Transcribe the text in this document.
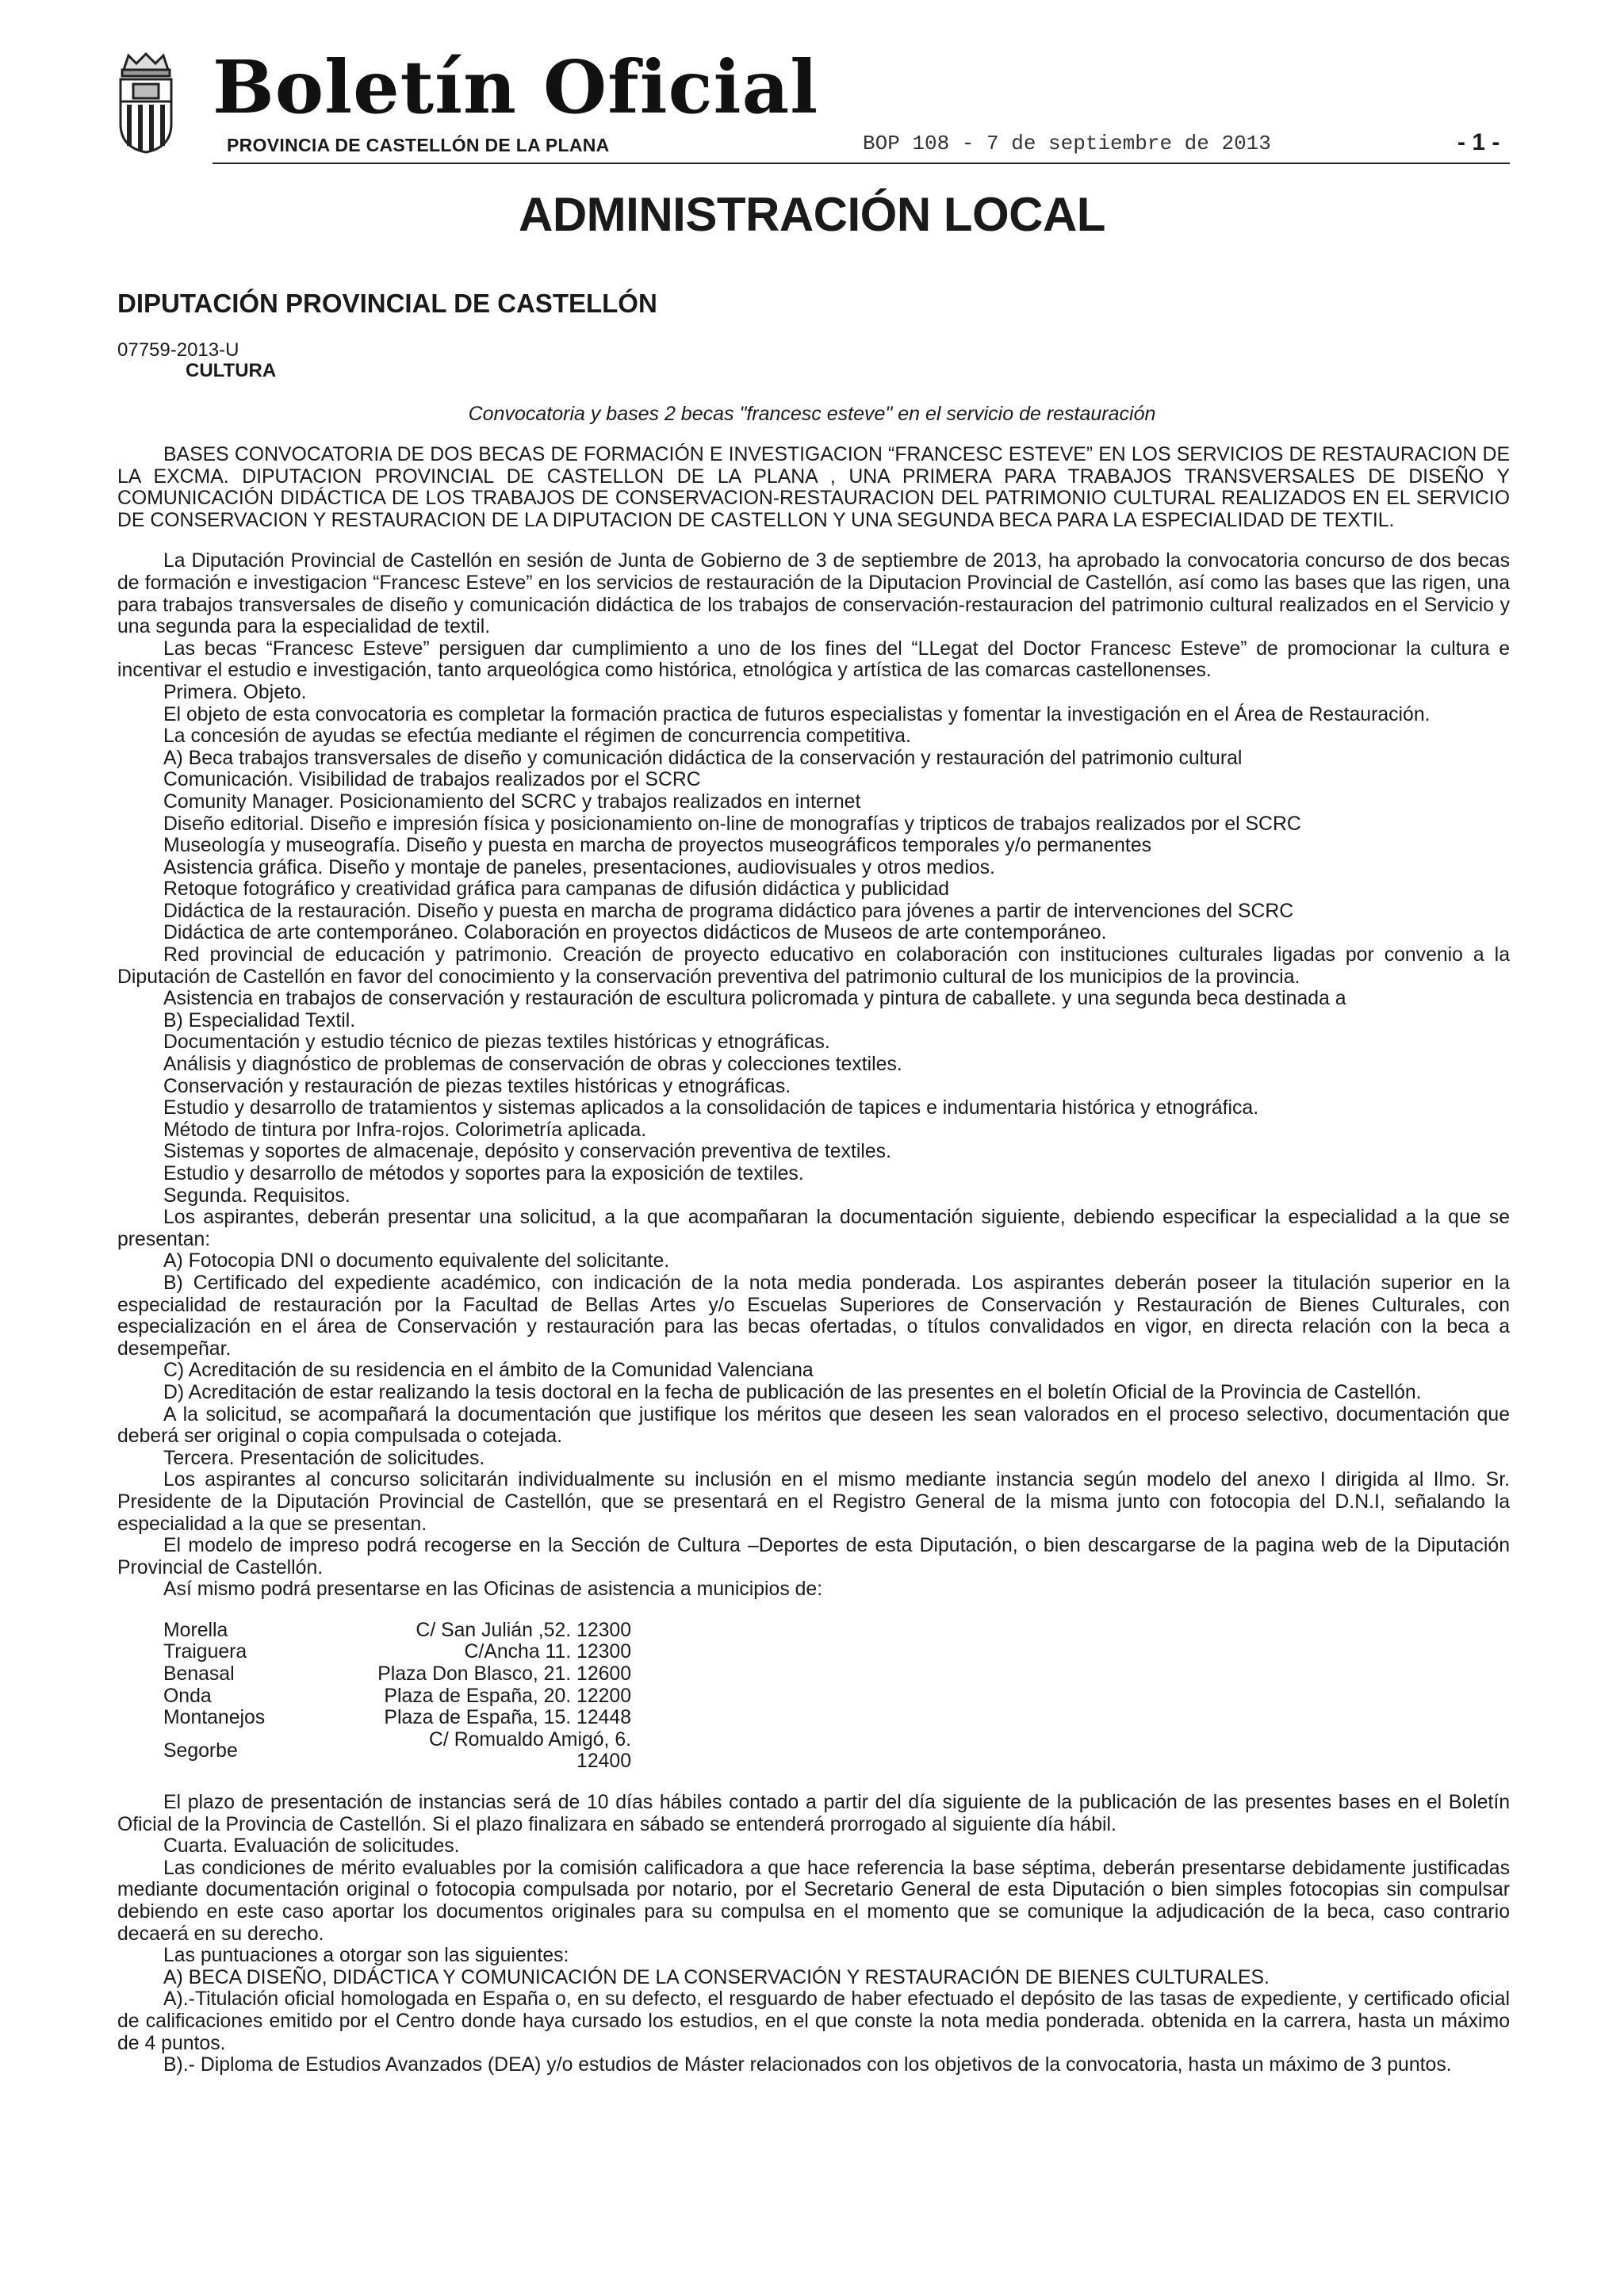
Boletín Oficial
PROVINCIA DE CASTELLÓN DE LA PLANA	BOP 108 - 7 de septiembre de 2013	- 1 -
ADMINISTRACIÓN LOCAL
DIPUTACIÓN PROVINCIAL DE CASTELLÓN
07759-2013-U
CULTURA
Convocatoria y bases 2 becas "francesc esteve" en el servicio de restauración

BASES CONVOCATORIA DE DOS BECAS DE FORMACIÓN E INVESTIGACION “FRANCESC ESTEVE” EN LOS SERVICIOS DE RESTAURACION DE LA EXCMA. DIPUTACION PROVINCIAL DE CASTELLON DE LA PLANA , UNA PRIMERA PARA TRABAJOS TRANSVERSALES DE DISEÑO Y COMUNICACIÓN DIDÁCTICA DE LOS TRABAJOS DE CONSERVACION-RESTAURACION DEL PATRIMONIO CULTURAL REALIZADOS EN EL SERVICIO DE CONSERVACION Y RESTAURACION DE LA DIPUTACION DE CASTELLON Y UNA SEGUNDA BECA PARA LA ESPECIALIDAD DE TEXTIL.

La Diputación Provincial de Castellón en sesión de Junta de Gobierno de 3 de septiembre de 2013, ha aprobado la convocatoria concurso de dos becas de formación e investigacion “Francesc Esteve” en los servicios de restauración de la Diputacion Provincial de Castellón, así como las bases que las rigen, una para trabajos transversales de diseño y comunicación didáctica de los trabajos de conservación-restauracion del patrimonio cultural realizados en el Servicio y una segunda para la especialidad de textil.

Las becas “Francesc Esteve” persiguen dar cumplimiento a uno de los fines del “LLegat del Doctor Francesc Esteve” de promocionar la cultura e incentivar el estudio e investigación, tanto arqueológica como histórica, etnológica y artística de las comarcas castellonenses.

Primera. Objeto.

El objeto de esta convocatoria es completar la formación practica de futuros especialistas y fomentar la investigación en el Área de Restauración.

La concesión de ayudas se efectúa mediante el régimen de concurrencia competitiva.

A) Beca trabajos transversales de diseño y comunicación didáctica de la conservación y restauración del patrimonio cultural

Comunicación. Visibilidad de trabajos realizados por el SCRC

Comunity Manager. Posicionamiento del SCRC y trabajos realizados en internet

Diseño editorial. Diseño e impresión física y posicionamiento on-line de monografías y tripticos de trabajos realizados por el SCRC

Museología y museografía. Diseño y puesta en marcha de proyectos museográficos temporales y/o permanentes

Asistencia gráfica. Diseño y montaje de paneles, presentaciones, audiovisuales y otros medios.

Retoque fotográfico y creatividad gráfica para campanas de difusión didáctica y publicidad

Didáctica de la restauración. Diseño y puesta en marcha de programa didáctico para jóvenes a partir de intervenciones del SCRC

Didáctica de arte contemporáneo. Colaboración en proyectos didácticos de Museos de arte contemporáneo.

Red provincial de educación y patrimonio. Creación de proyecto educativo en colaboración con instituciones culturales ligadas por convenio a la Diputación de Castellón en favor del conocimiento y la conservación preventiva del patrimonio cultural de los municipios de la provincia.

Asistencia en trabajos de conservación y restauración de escultura policromada y pintura de caballete. y una segunda beca destinada a

B) Especialidad Textil.

Documentación y estudio técnico de piezas textiles históricas y etnográficas.

Análisis y diagnóstico de problemas de conservación de obras y colecciones textiles.

Conservación y restauración de piezas textiles históricas y etnográficas.

Estudio y desarrollo de tratamientos y sistemas aplicados a la consolidación de tapices e indumentaria histórica y etnográfica.

Método de tintura por Infra-rojos. Colorimetría aplicada.

Sistemas y soportes de almacenaje, depósito y conservación preventiva de textiles.

Estudio y desarrollo de métodos y soportes para la exposición de textiles.

Segunda. Requisitos.

Los aspirantes, deberán presentar una solicitud, a la que acompañaran la documentación siguiente, debiendo especificar la especialidad a la que se presentan:

A) Fotocopia DNI o documento equivalente del solicitante.

B) Certificado del expediente académico, con indicación de la nota media ponderada. Los aspirantes deberán poseer la titulación superior en la especialidad de restauración por la Facultad de Bellas Artes y/o Escuelas Superiores de Conservación y Restauración de Bienes Culturales, con especialización en el área de Conservación y restauración para las becas ofertadas, o títulos convalidados en vigor, en directa relación con la beca a desempeñar.

C) Acreditación de su residencia en el ámbito de la Comunidad Valenciana

D) Acreditación de estar realizando la tesis doctoral en la fecha de publicación de las presentes en el boletín Oficial de la Provincia de Castellón.

A la solicitud, se acompañará la documentación que justifique los méritos que deseen les sean valorados en el proceso selectivo, documentación que deberá ser original o copia compulsada o cotejada.

Tercera. Presentación de solicitudes.

Los aspirantes al concurso solicitarán individualmente su inclusión en el mismo mediante instancia según modelo del anexo I dirigida al Ilmo. Sr. Presidente de la Diputación Provincial de Castellón, que se presentará en el Registro General de la misma junto con fotocopia del D.N.I, señalando la especialidad a la que se presentan.

El modelo de impreso podrá recogerse en la Sección de Cultura –Deportes de esta Diputación, o bien descargarse de la pagina web de la Diputación Provincial de Castellón.

Así mismo podrá presentarse en las Oficinas de asistencia a municipios de:

Morella	C/ San Julián ,52. 12300
Traiguera	C/Ancha 11. 12300
Benasal	Plaza Don Blasco, 21. 12600
Onda	Plaza de España, 20. 12200
Montanejos	Plaza de España, 15. 12448
Segorbe	C/ Romualdo Amigó, 6. 12400

El plazo de presentación de instancias será de 10 días hábiles contado a partir del día siguiente de la publicación de las presentes bases en el Boletín Oficial de la Provincia de Castellón. Si el plazo finalizara en sábado se entenderá prorrogado al siguiente día hábil.

Cuarta. Evaluación de solicitudes.

Las condiciones de mérito evaluables por la comisión calificadora a que hace referencia la base séptima, deberán presentarse debidamente justificadas mediante documentación original o fotocopia compulsada por notario, por el Secretario General de esta Diputación o bien simples fotocopias sin compulsar debiendo en este caso aportar los documentos originales para su compulsa en el momento que se comunique la adjudicación de la beca, caso contrario decaerá en su derecho.

Las puntuaciones a otorgar son las siguientes:

A) BECA DISEÑO, DIDÁCTICA Y COMUNICACIÓN DE LA CONSERVACIÓN Y RESTAURACIÓN DE BIENES CULTURALES.

A).-Titulación oficial homologada en España o, en su defecto, el resguardo de haber efectuado el depósito de las tasas de expediente, y certificado oficial de calificaciones emitido por el Centro donde haya cursado los estudios, en el que conste la nota media ponderada. obtenida en la carrera, hasta un máximo de 4 puntos.

B).- Diploma de Estudios Avanzados (DEA) y/o estudios de Máster relacionados con los objetivos de la convocatoria, hasta un máximo de 3 puntos.
